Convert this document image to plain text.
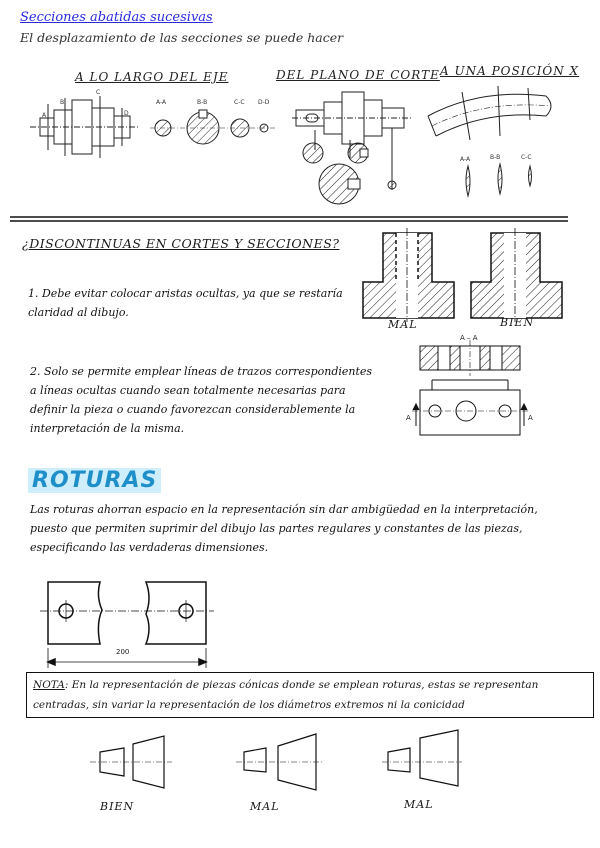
Secciones abatidas sucesivas
El desplazamiento de las secciones se puede hacer
A LO LARGO DEL EJE	DEL PLANO DE CORTE A UNA POSICIÓN X
A
B
C
D
A-A	B-B	C-C D-D
A-A	B-B	C-C
¿DISCONTINUAS EN CORTES Y SECCIONES?
1. Debe evitar colocar aristas ocultas, ya que se restaría claridad al dibujo.
MAL	BIEN
2. Solo se permite emplear líneas de trazos correspondientes a líneas ocultas cuando sean totalmente necesarias para definir la pieza o cuando favorezcan considerablemente la interpretación de la misma.
A – A
A	A
ROTURAS
Las roturas ahorran espacio en la representación sin dar ambigüedad en la interpretación, puesto que permiten suprimir del dibujo las partes regulares y constantes de las piezas, especificando las verdaderas dimensiones.
200
NOTA: En la representación de piezas cónicas donde se emplean roturas, estas se representan centradas, sin variar la representación de los diámetros extremos ni la conicidad
BIEN	MAL	MAL
